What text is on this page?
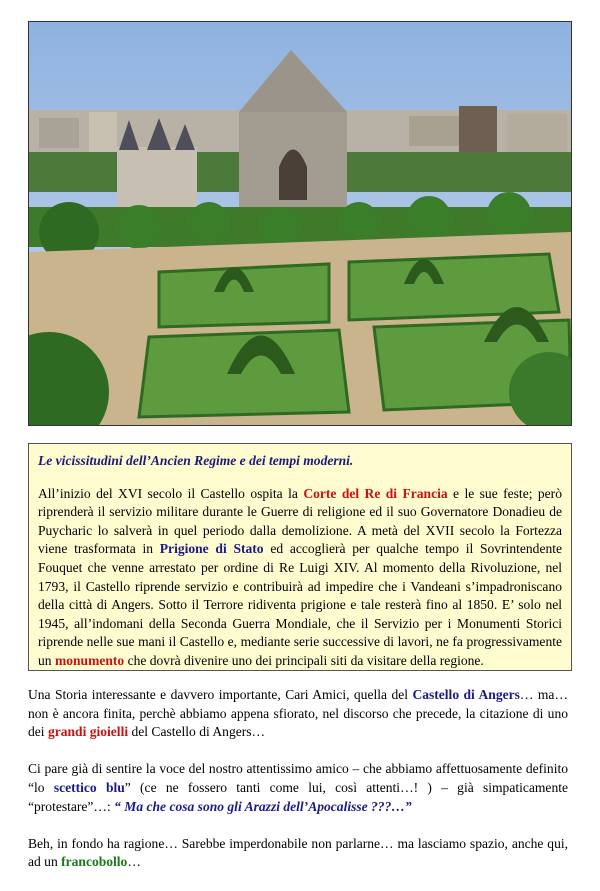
Le vicissitudini dell’Ancien Regime e dei tempi moderni.

All’inizio del XVI secolo il Castello ospita la Corte del Re di Francia e le sue feste; però riprenderà il servizio militare durante le Guerre di religione ed il suo Governatore Donadieu de Puycharic lo salverà in quel periodo dalla demolizione. A metà del XVII secolo la Fortezza viene trasformata in Prigione di Stato ed accoglierà per qualche tempo il Sovrintendente Fouquet che venne arrestato per ordine di Re Luigi XIV. Al momento della Rivoluzione, nel 1793, il Castello riprende servizio e contribuirà ad impedire che i Vandeani s’impadroniscano della città di Angers. Sotto il Terrore ridiventa prigione e tale resterà fino al 1850. E’ solo nel 1945, all’indomani della Seconda Guerra Mondiale, che il Servizio per i Monumenti Storici riprende nelle sue mani il Castello e, mediante serie successive di lavori, ne fa progressivamente un monumento che dovrà divenire uno dei principali siti da visitare della regione.

Una Storia interessante e davvero importante, Cari Amici, quella del Castello di Angers… ma… non è ancora finita, perchè abbiamo appena sfiorato, nel discorso che precede, la citazione di uno dei grandi gioielli del Castello di Angers…

Ci pare già di sentire la voce del nostro attentissimo amico – che abbiamo affettuosamente definito “lo scettico blu” (ce ne fossero tanti come lui, così attenti…! ) – già simpaticamente “protestare”…: “ Ma che cosa sono gli Arazzi dell’Apocalisse ???…”

Beh, in fondo ha ragione… Sarebbe imperdonabile non parlarne… ma lasciamo spazio, anche qui, ad un francobollo…
